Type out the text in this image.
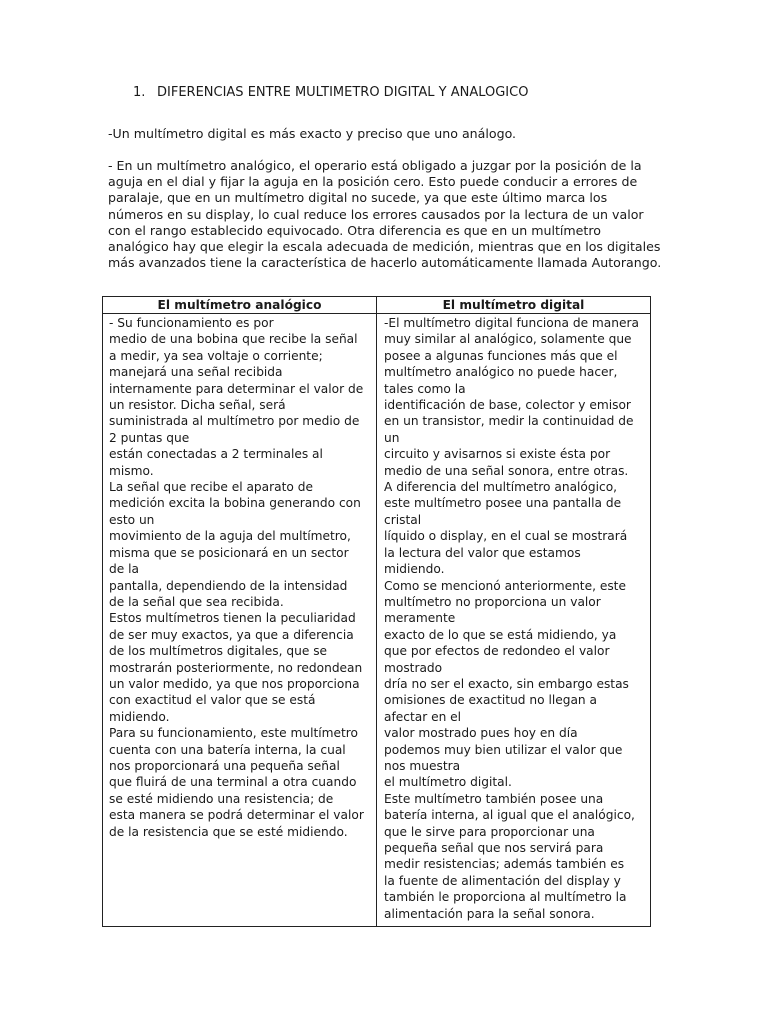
1. DIFERENCIAS ENTRE MULTIMETRO DIGITAL Y ANALOGICO
-Un multímetro digital es más exacto y preciso que uno análogo.
- En un multímetro analógico, el operario está obligado a juzgar por la posición de la
aguja en el dial y fijar la aguja en la posición cero. Esto puede conducir a errores de
paralaje, que en un multímetro digital no sucede, ya que este último marca los
números en su display, lo cual reduce los errores causados por la lectura de un valor
con el rango establecido equivocado. Otra diferencia es que en un multímetro
analógico hay que elegir la escala adecuada de medición, mientras que en los digitales
más avanzados tiene la característica de hacerlo automáticamente llamada Autorango.
El multímetro analógico
- Su funcionamiento es por
medio de una bobina que recibe la señal
a medir, ya sea voltaje o corriente;
manejará una señal recibida
internamente para determinar el valor de
un resistor. Dicha señal, será
suministrada al multímetro por medio de
2 puntas que
están conectadas a 2 terminales al
mismo.
La señal que recibe el aparato de
medición excita la bobina generando con
esto un
movimiento de la aguja del multímetro,
misma que se posicionará en un sector
de la
pantalla, dependiendo de la intensidad
de la señal que sea recibida.
Estos multímetros tienen la peculiaridad
de ser muy exactos, ya que a diferencia
de los multímetros digitales, que se
mostrarán posteriormente, no redondean
un valor medido, ya que nos proporciona
con exactitud el valor que se está
midiendo.
Para su funcionamiento, este multímetro
cuenta con una batería interna, la cual
nos proporcionará una pequeña señal
que fluirá de una terminal a otra cuando
se esté midiendo una resistencia; de
esta manera se podrá determinar el valor
de la resistencia que se esté midiendo.
El multímetro digital
-El multímetro digital funciona de manera
muy similar al analógico, solamente que
posee a algunas funciones más que el
multímetro analógico no puede hacer,
tales como la
identificación de base, colector y emisor
en un transistor, medir la continuidad de
un
circuito y avisarnos si existe ésta por
medio de una señal sonora, entre otras.
A diferencia del multímetro analógico,
este multímetro posee una pantalla de
cristal
líquido o display, en el cual se mostrará
la lectura del valor que estamos
midiendo.
Como se mencionó anteriormente, este
multímetro no proporciona un valor
meramente
exacto de lo que se está midiendo, ya
que por efectos de redondeo el valor
mostrado
dría no ser el exacto, sin embargo estas
omisiones de exactitud no llegan a
afectar en el
valor mostrado pues hoy en día
podemos muy bien utilizar el valor que
nos muestra
el multímetro digital.
Este multímetro también posee una
batería interna, al igual que el analógico,
que le sirve para proporcionar una
pequeña señal que nos servirá para
medir resistencias; además también es
la fuente de alimentación del display y
también le proporciona al multímetro la
alimentación para la señal sonora.
